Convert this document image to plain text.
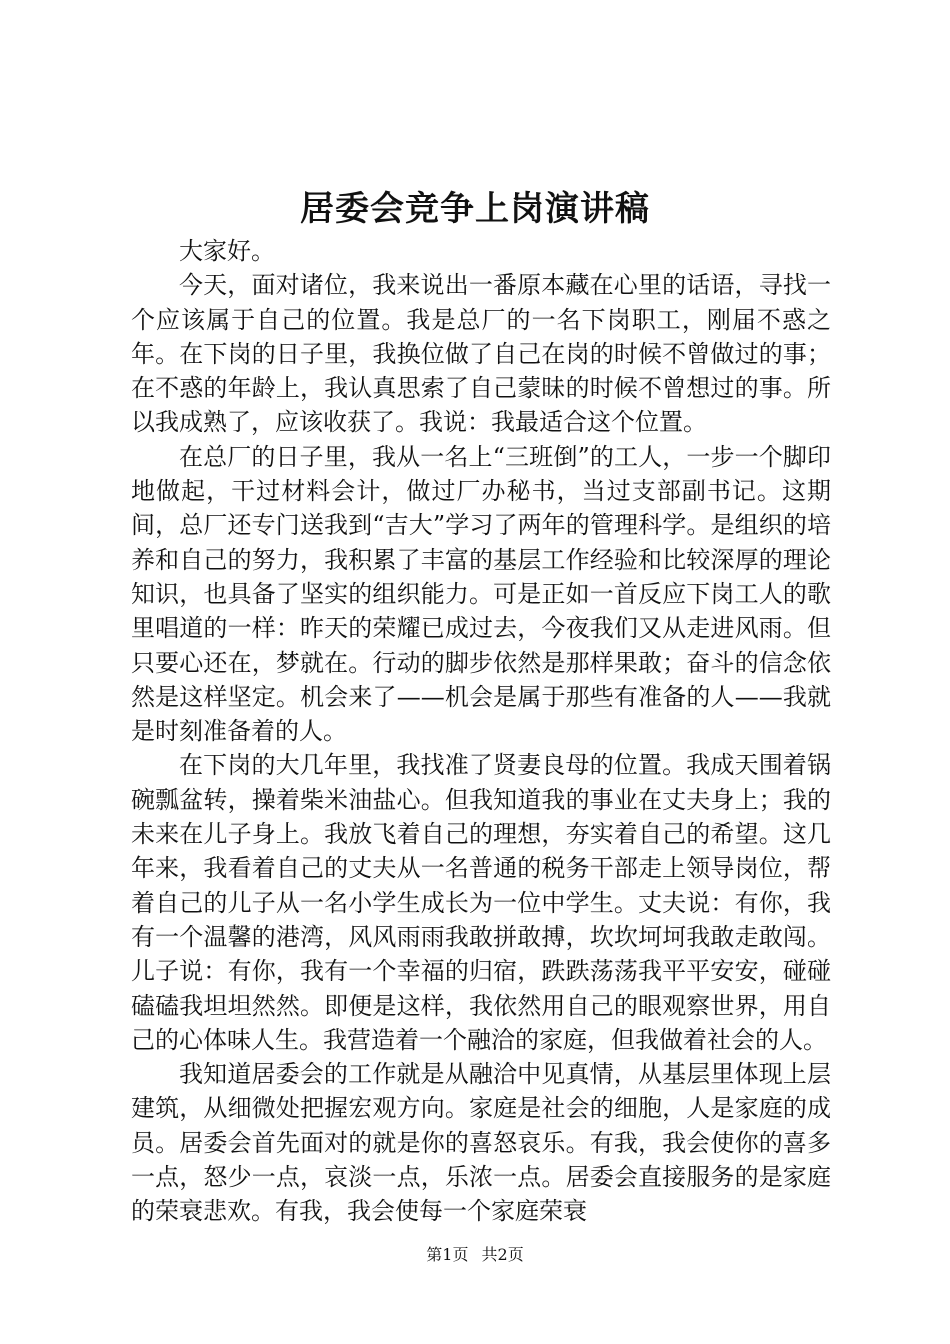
居委会竞争上岗演讲稿

大家好。

今天，面对诸位，我来说出一番原本藏在心里的话语，寻找一个应该属于自己的位置。我是总厂的一名下岗职工，刚届不惑之年。在下岗的日子里，我换位做了自己在岗的时候不曾做过的事；在不惑的年龄上，我认真思索了自己蒙昧的时候不曾想过的事。所以我成熟了，应该收获了。我说：我最适合这个位置。

在总厂的日子里，我从一名上“三班倒”的工人，一步一个脚印地做起，干过材料会计，做过厂办秘书，当过支部副书记。这期间，总厂还专门送我到“吉大”学习了两年的管理科学。是组织的培养和自己的努力，我积累了丰富的基层工作经验和比较深厚的理论知识，也具备了坚实的组织能力。可是正如一首反应下岗工人的歌里唱道的一样：昨天的荣耀已成过去，今夜我们又从走进风雨。但只要心还在，梦就在。行动的脚步依然是那样果敢；奋斗的信念依然是这样坚定。机会来了——机会是属于那些有准备的人——我就是时刻准备着的人。

在下岗的大几年里，我找准了贤妻良母的位置。我成天围着锅碗瓢盆转，操着柴米油盐心。但我知道我的事业在丈夫身上；我的未来在儿子身上。我放飞着自己的理想，夯实着自己的希望。这几年来，我看着自己的丈夫从一名普通的税务干部走上领导岗位，帮着自己的儿子从一名小学生成长为一位中学生。丈夫说：有你，我有一个温馨的港湾，风风雨雨我敢拼敢搏，坎坎坷坷我敢走敢闯。儿子说：有你，我有一个幸福的归宿，跌跌荡荡我平平安安，碰碰磕磕我坦坦然然。即便是这样，我依然用自己的眼观察世界，用自己的心体味人生。我营造着一个融洽的家庭，但我做着社会的人。

我知道居委会的工作就是从融洽中见真情，从基层里体现上层建筑，从细微处把握宏观方向。家庭是社会的细胞，人是家庭的成员。居委会首先面对的就是你的喜怒哀乐。有我，我会使你的喜多一点，怒少一点，哀淡一点，乐浓一点。居委会直接服务的是家庭的荣衰悲欢。有我，我会使每一个家庭荣衰

第1页 共2页
